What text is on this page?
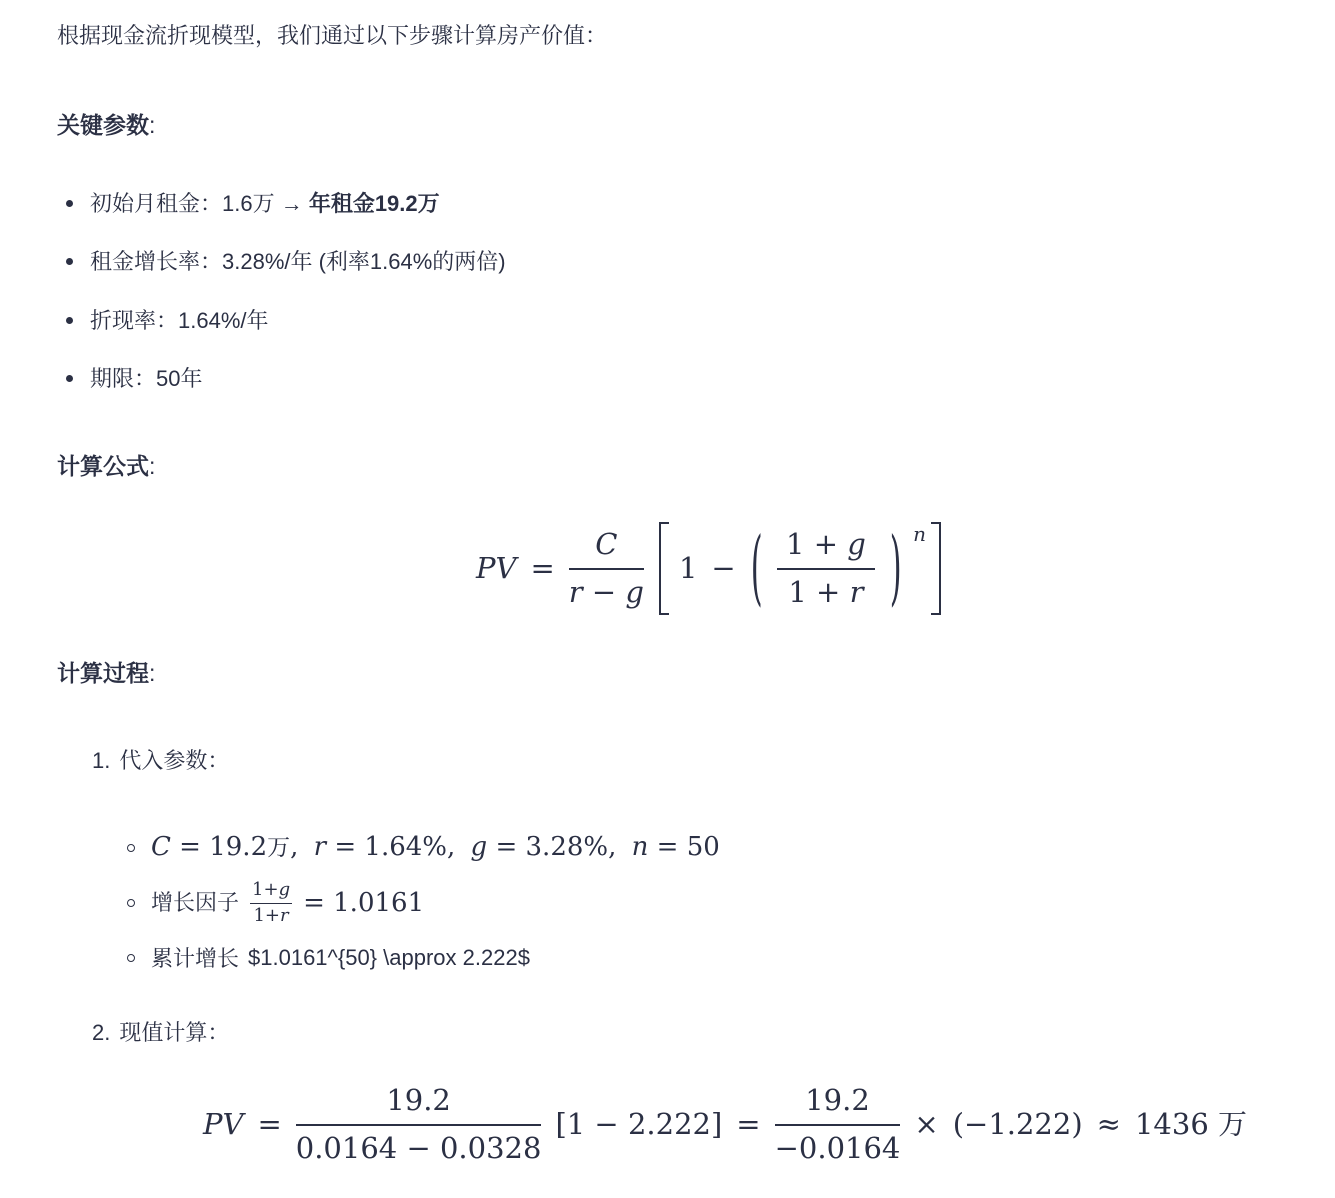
根据现金流折现模型，我们通过以下步骤计算房产价值：

关键参数:
初始月租金：1.6万 → 年租金19.2万
租金增长率：3.28%/年 (利率1.64%的两倍)
折现率：1.64%/年
期限：50年
计算公式:
PV = $\frac{C}{r - g} 1$ − ( $\frac{1 + g}{1 + r}$ ) n
计算过程:
1. 代入参数：
C = 19.2万, r = 1.64%, g = 3.28%, n = 50
增长因子 $\frac{1+g}{1+r} = 1.0161$
累计增长 $1.0161^{50} \approx 2.222$
2. 现值计算：
PV = $\frac{19.2}{0.0164 - 0.0328} [1 - 2.222] = \frac{19.2}{-0.0164} \times (-1.222) \approx 1436$ 万
